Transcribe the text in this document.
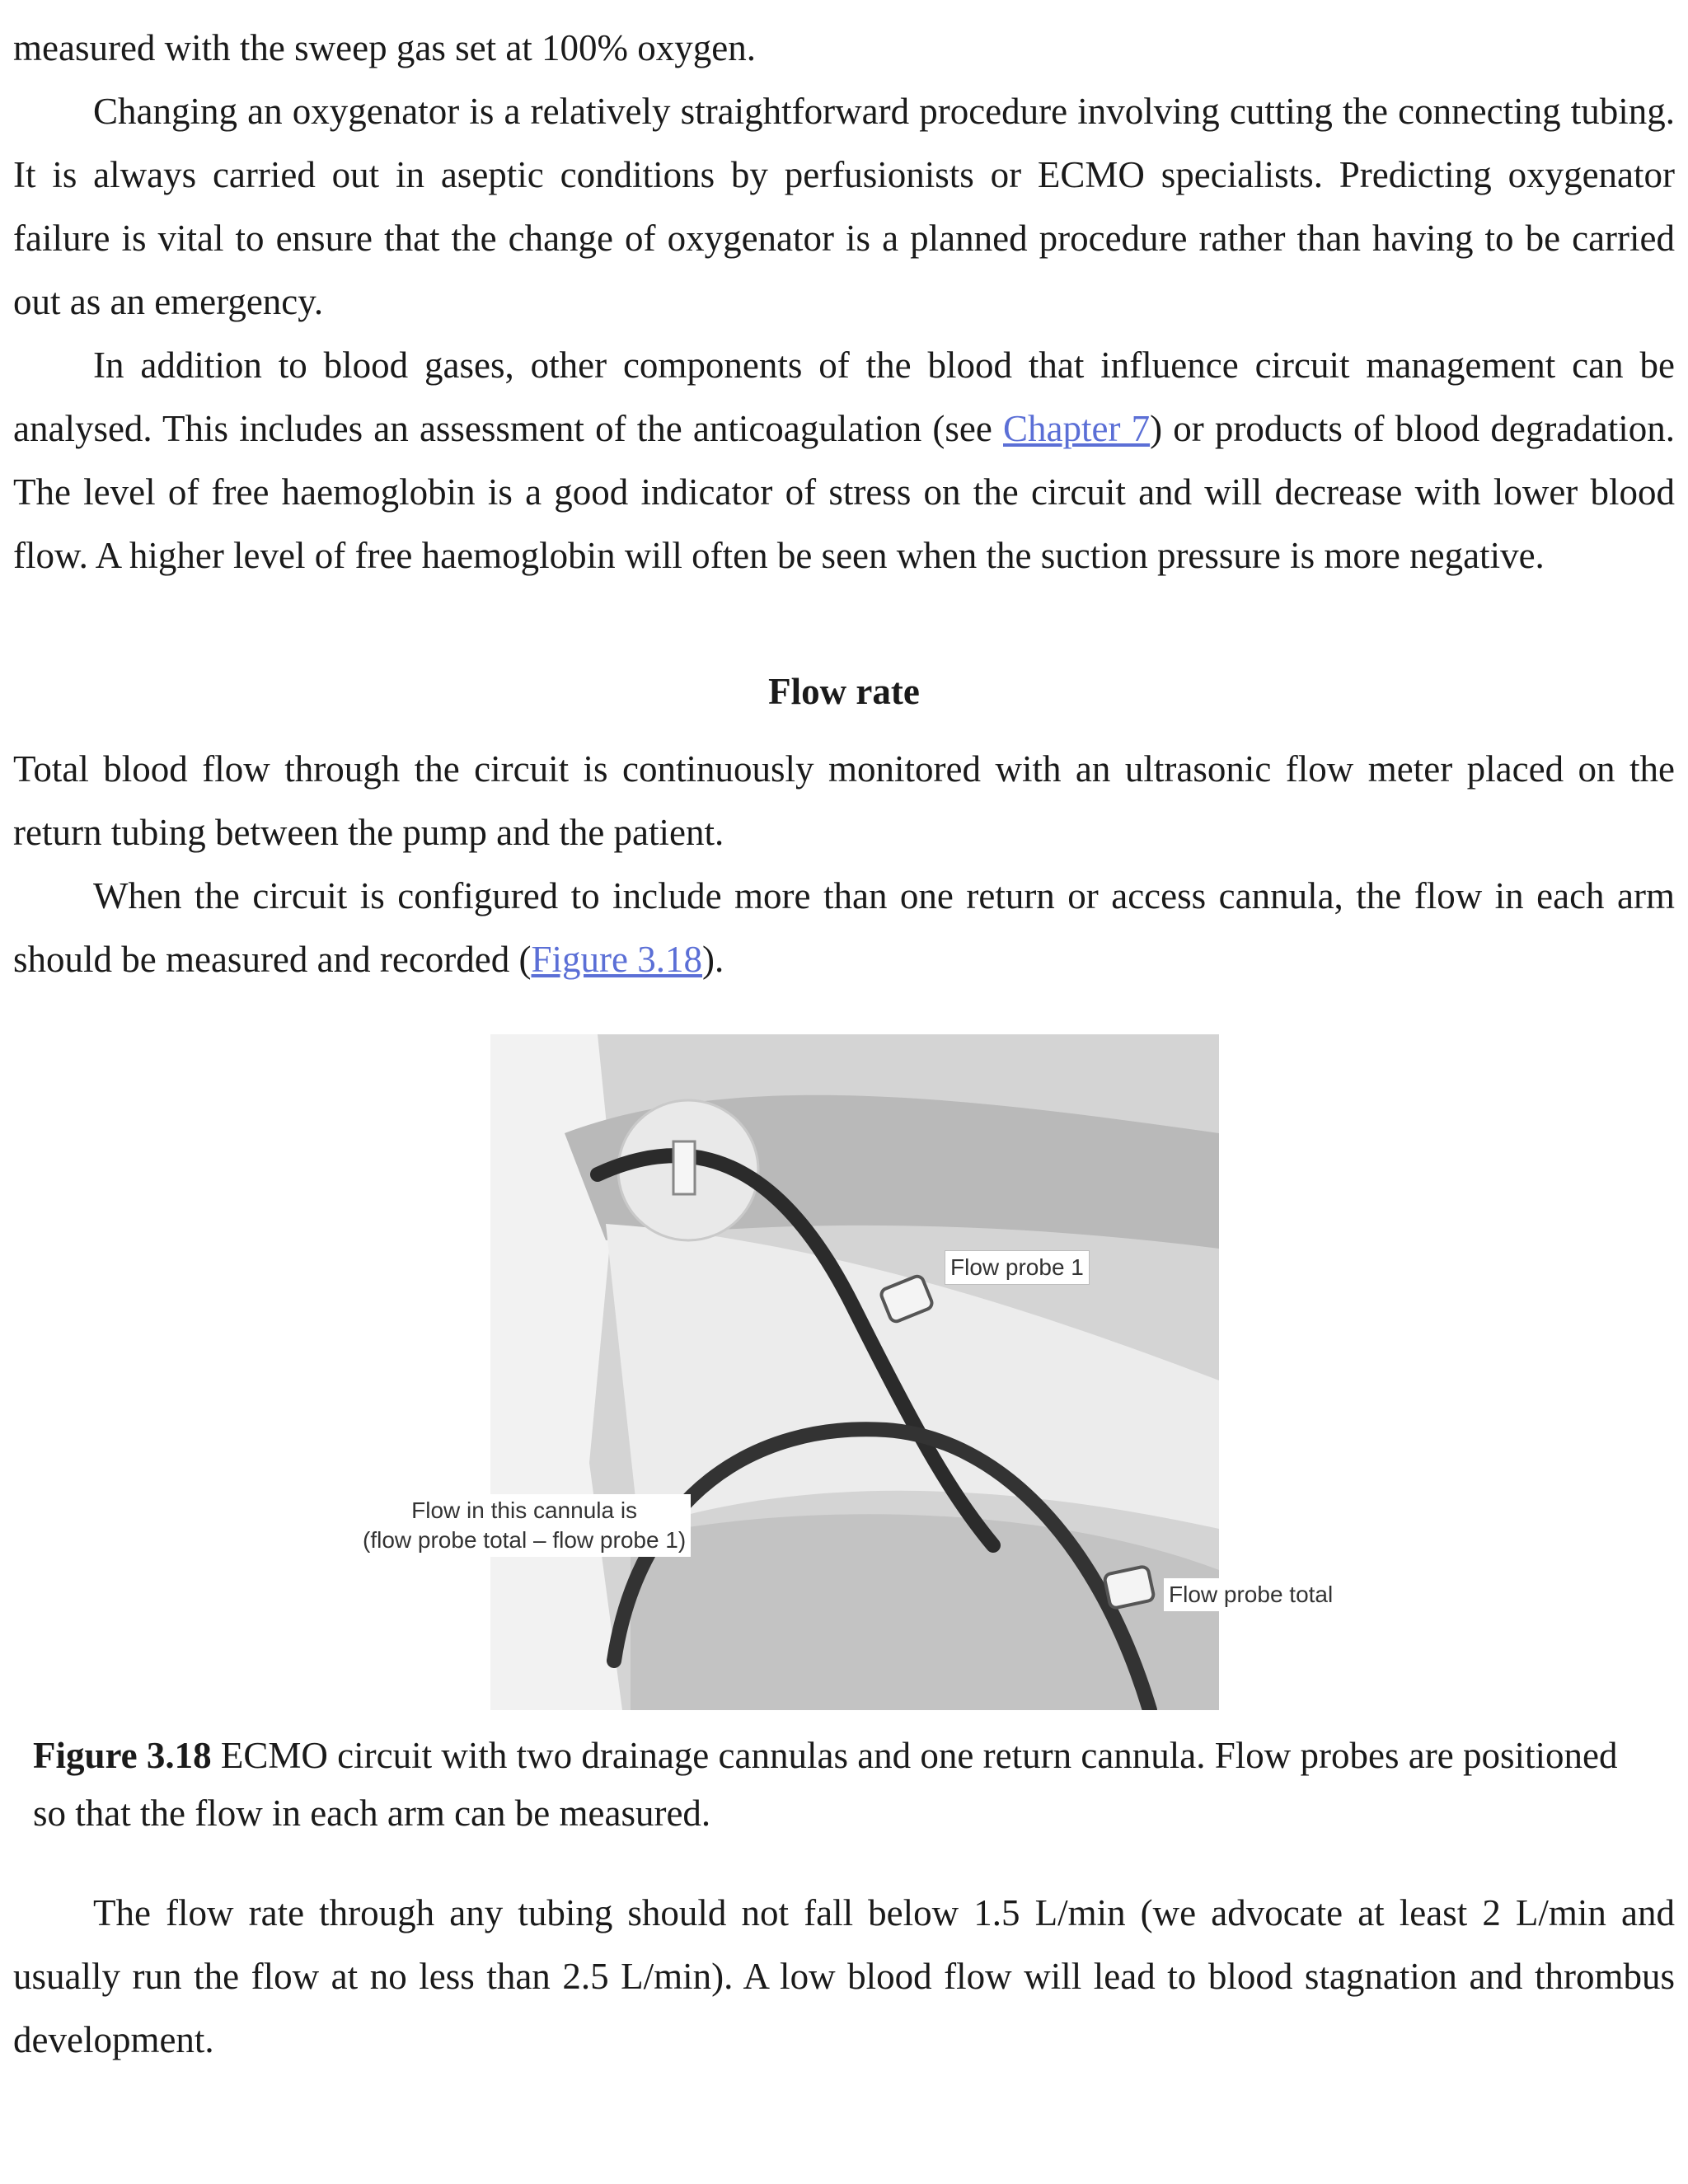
measured with the sweep gas set at 100% oxygen.

Changing an oxygenator is a relatively straightforward procedure involving cutting the connecting tubing. It is always carried out in aseptic conditions by perfusionists or ECMO specialists. Predicting oxygenator failure is vital to ensure that the change of oxygenator is a planned procedure rather than having to be carried out as an emergency.

In addition to blood gases, other components of the blood that influence circuit management can be analysed. This includes an assessment of the anticoagulation (see Chapter 7) or products of blood degradation. The level of free haemoglobin is a good indicator of stress on the circuit and will decrease with lower blood flow. A higher level of free haemoglobin will often be seen when the suction pressure is more negative.

Flow rate

Total blood flow through the circuit is continuously monitored with an ultrasonic flow meter placed on the return tubing between the pump and the patient.

When the circuit is configured to include more than one return or access cannula, the flow in each arm should be measured and recorded (Figure 3.18).

Flow probe 1
Flow probe total
Flow in this cannula is
(flow probe total – flow probe 1)

Figure 3.18 ECMO circuit with two drainage cannulas and one return cannula. Flow probes are positioned so that the flow in each arm can be measured.

The flow rate through any tubing should not fall below 1.5 L/min (we advocate at least 2 L/min and usually run the flow at no less than 2.5 L/min). A low blood flow will lead to blood stagnation and thrombus development.
